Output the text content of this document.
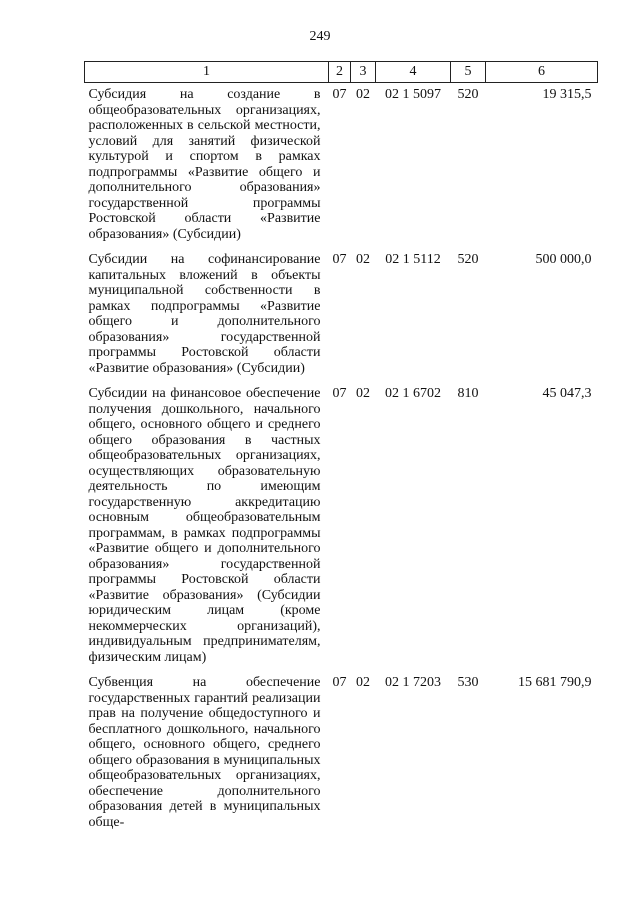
249
1	2	3	4	5	6
Субсидия на создание в общеобразовательных организациях, расположенных в сельской местности, условий для занятий физической культурой и спортом в рамках подпрограммы «Развитие общего и дополнительного образования» государственной программы Ростовской области «Развитие образования» (Субсидии)	07	02	02 1 5097	520	19 315,5
Субсидии на софинансирование капитальных вложений в объекты муниципальной собственности в рамках подпрограммы «Развитие общего и дополнительного образования» государственной программы Ростовской области «Развитие образования» (Субсидии)	07	02	02 1 5112	520	500 000,0
Субсидии на финансовое обеспечение получения дошкольного, начального общего, основного общего и среднего общего образования в частных общеобразовательных организациях, осуществляющих образовательную деятельность по имеющим государственную аккредитацию основным общеобразовательным программам, в рамках подпрограммы «Развитие общего и дополнительного образования» государственной программы Ростовской области «Развитие образования» (Субсидии юридическим лицам (кроме некоммерческих организаций), индивидуальным предпринимателям, физическим лицам)	07	02	02 1 6702	810	45 047,3
Субвенция на обеспечение государственных гарантий реализации прав на получение общедоступного и бесплатного дошкольного, начального общего, основного общего, среднего общего образования в муниципальных общеобразовательных организациях, обеспечение дополнительного образования детей в муниципальных обще-	07	02	02 1 7203	530	15 681 790,9
